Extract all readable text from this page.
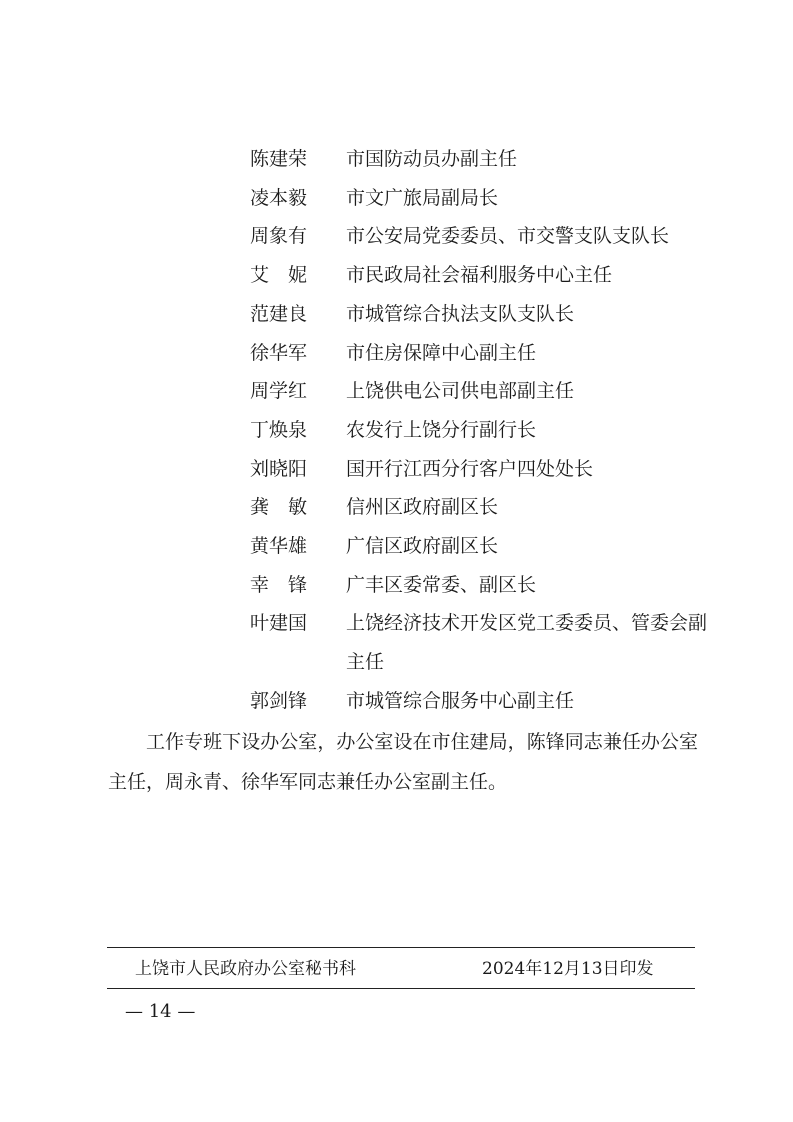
陈建荣	市国防动员办副主任
凌本毅	市文广旅局副局长
周象有	市公安局党委委员、市交警支队支队长
艾　妮	市民政局社会福利服务中心主任
范建良	市城管综合执法支队支队长
徐华军	市住房保障中心副主任
周学红	上饶供电公司供电部副主任
丁焕泉	农发行上饶分行副行长
刘晓阳	国开行江西分行客户四处处长
龚　敏	信州区政府副区长
黄华雄	广信区政府副区长
幸　锋	广丰区委常委、副区长
叶建国	上饶经济技术开发区党工委委员、管委会副主任
郭剑锋	市城管综合服务中心副主任
工作专班下设办公室，办公室设在市住建局，陈锋同志兼任办公室主任，周永青、徐华军同志兼任办公室副主任。
上饶市人民政府办公室秘书科	2024年12月13日印发
— 14 —
